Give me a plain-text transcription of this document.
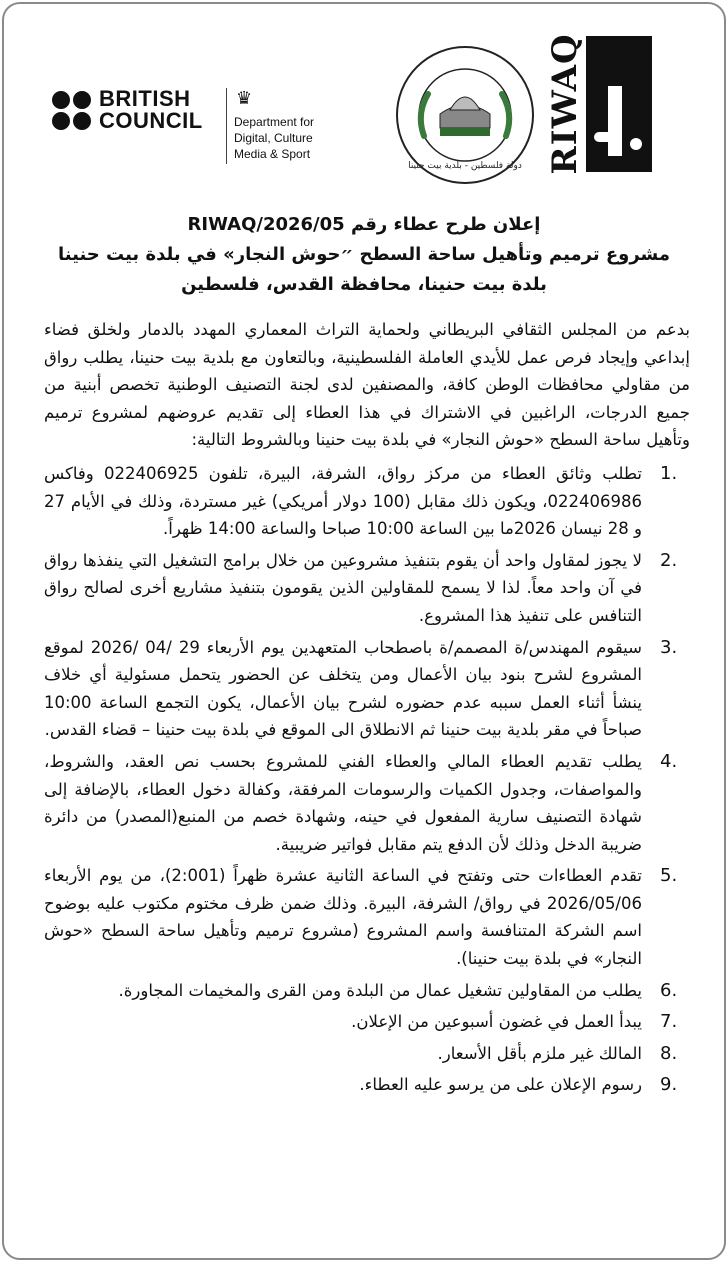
RIWAQ
دولة فلسطين - بلدية بيت حنينا
BRITISH
COUNCIL
♛
Department for
Digital, Culture
Media & Sport
إعلان طرح عطاء رقم RIWAQ/2026/05
مشروع ترميم وتأهيل ساحة السطح ״حوش النجار» في بلدة بيت حنينا
بلدة بيت حنينا، محافظة القدس، فلسطين

بدعم من المجلس الثقافي البريطاني ولحماية التراث المعماري المهدد بالدمار ولخلق فضاء إبداعي وإيجاد فرص عمل للأيدي العاملة الفلسطينية، وبالتعاون مع بلدية بيت حنينا، يطلب رواق من مقاولي محافظات الوطن كافة، والمصنفين لدى لجنة التصنيف الوطنية تخصص أبنية من جميع الدرجات، الراغبين في الاشتراك في هذا العطاء إلى تقديم عروضهم لمشروع ترميم وتأهيل ساحة السطح «حوش النجار» في بلدة بيت حنينا وبالشروط التالية:

1.
تطلب وثائق العطاء من مركز رواق، الشرفة، البيرة، تلفون 022406925 وفاكس 022406986، ويكون ذلك مقابل (100 دولار أمريكي) غير مستردة، وذلك في الأيام 27 و 28 نيسان 2026ما بين الساعة 10:00 صباحا والساعة 14:00 ظهراً.
2.
لا يجوز لمقاول واحد أن يقوم بتنفيذ مشروعين من خلال برامج التشغيل التي ينفذها رواق في آن واحد معاً. لذا لا يسمح للمقاولين الذين يقومون بتنفيذ مشاريع أخرى لصالح رواق التنافس على تنفيذ هذا المشروع.
3.
سيقوم المهندس/ة المصمم/ة باصطحاب المتعهدين يوم الأربعاء 29 /04 /2026 لموقع المشروع لشرح بنود بيان الأعمال ومن يتخلف عن الحضور يتحمل مسئولية أي خلاف ينشأ أثناء العمل سببه عدم حضوره لشرح بيان الأعمال، يكون التجمع الساعة 10:00 صباحاً في مقر بلدية بيت حنينا ثم الانطلاق الى الموقع في بلدة بيت حنينا – قضاء القدس.
4.
يطلب تقديم العطاء المالي والعطاء الفني للمشروع بحسب نص العقد، والشروط، والمواصفات، وجدول الكميات والرسومات المرفقة، وكفالة دخول العطاء، بالإضافة إلى شهادة التصنيف سارية المفعول في حينه، وشهادة خصم من المنبع(المصدر) من دائرة ضريبة الدخل وذلك لأن الدفع يتم مقابل فواتير ضريبية.
5.
تقدم العطاءات حتى وتفتح في الساعة الثانية عشرة ظهراً (2:001)، من يوم الأربعاء 2026/05/06 في رواق/ الشرفة، البيرة. وذلك ضمن ظرف مختوم مكتوب عليه بوضوح اسم الشركة المتنافسة واسم المشروع (مشروع ترميم وتأهيل ساحة السطح «حوش النجار» في بلدة بيت حنينا).
6.
يطلب من المقاولين تشغيل عمال من البلدة ومن القرى والمخيمات المجاورة.
7.
يبدأ العمل في غضون أسبوعين من الإعلان.
8.
المالك غير ملزم بأقل الأسعار.
9.
رسوم الإعلان على من يرسو عليه العطاء.
